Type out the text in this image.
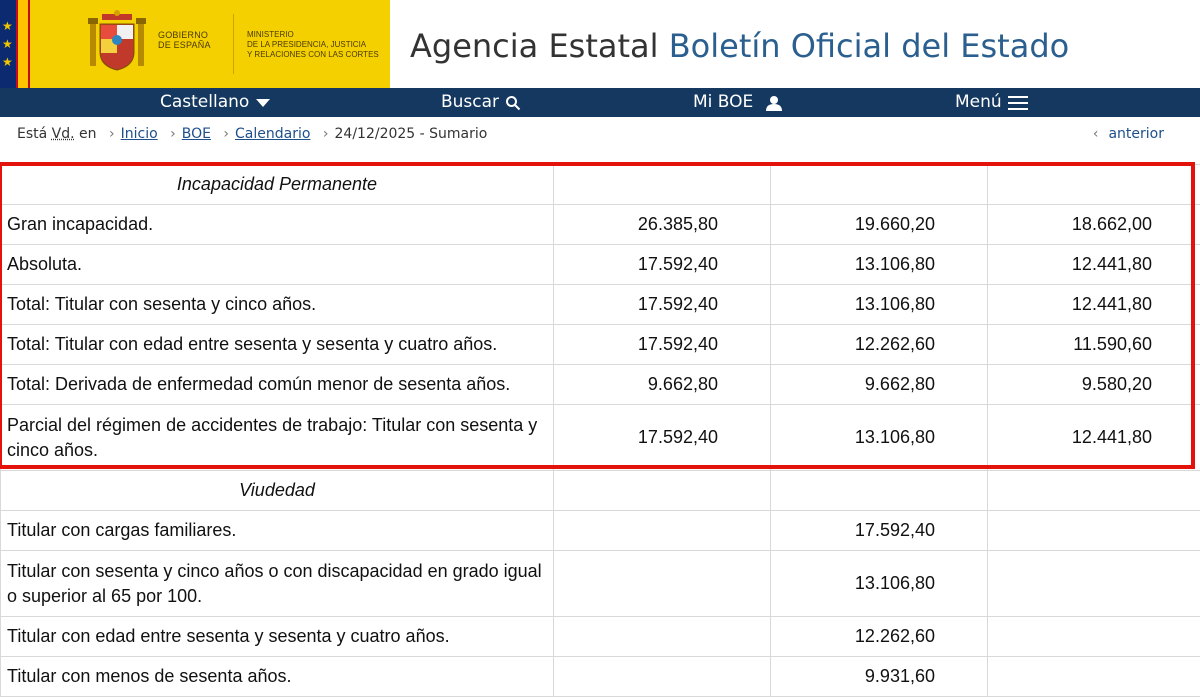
★
★
★
GOBIERNO
DE ESPAÑA
MINISTERIO
DE LA PRESIDENCIA, JUSTICIA
Y RELACIONES CON LAS CORTES Agencia Estatal Boletín Oficial del Estado
Castellano	Buscar	Mi BOE	Menú
Está Vd. en › Inicio › BOE › Calendario › 24/12/2025 - Sumario	‹ anterior
Incapacidad Permanente			
Gran incapacidad.	26.385,80	19.660,20	18.662,00
Absoluta.	17.592,40	13.106,80	12.441,80
Total: Titular con sesenta y cinco años.	17.592,40	13.106,80	12.441,80
Total: Titular con edad entre sesenta y sesenta y cuatro años.	17.592,40	12.262,60	11.590,60
Total: Derivada de enfermedad común menor de sesenta años.	9.662,80	9.662,80	9.580,20
Parcial del régimen de accidentes de trabajo: Titular con sesenta y cinco años.	17.592,40	13.106,80	12.441,80
Viudedad			
Titular con cargas familiares.		17.592,40	
Titular con sesenta y cinco años o con discapacidad en grado igual o superior al 65 por 100.		13.106,80	
Titular con edad entre sesenta y sesenta y cuatro años.		12.262,60	
Titular con menos de sesenta años.		9.931,60	
